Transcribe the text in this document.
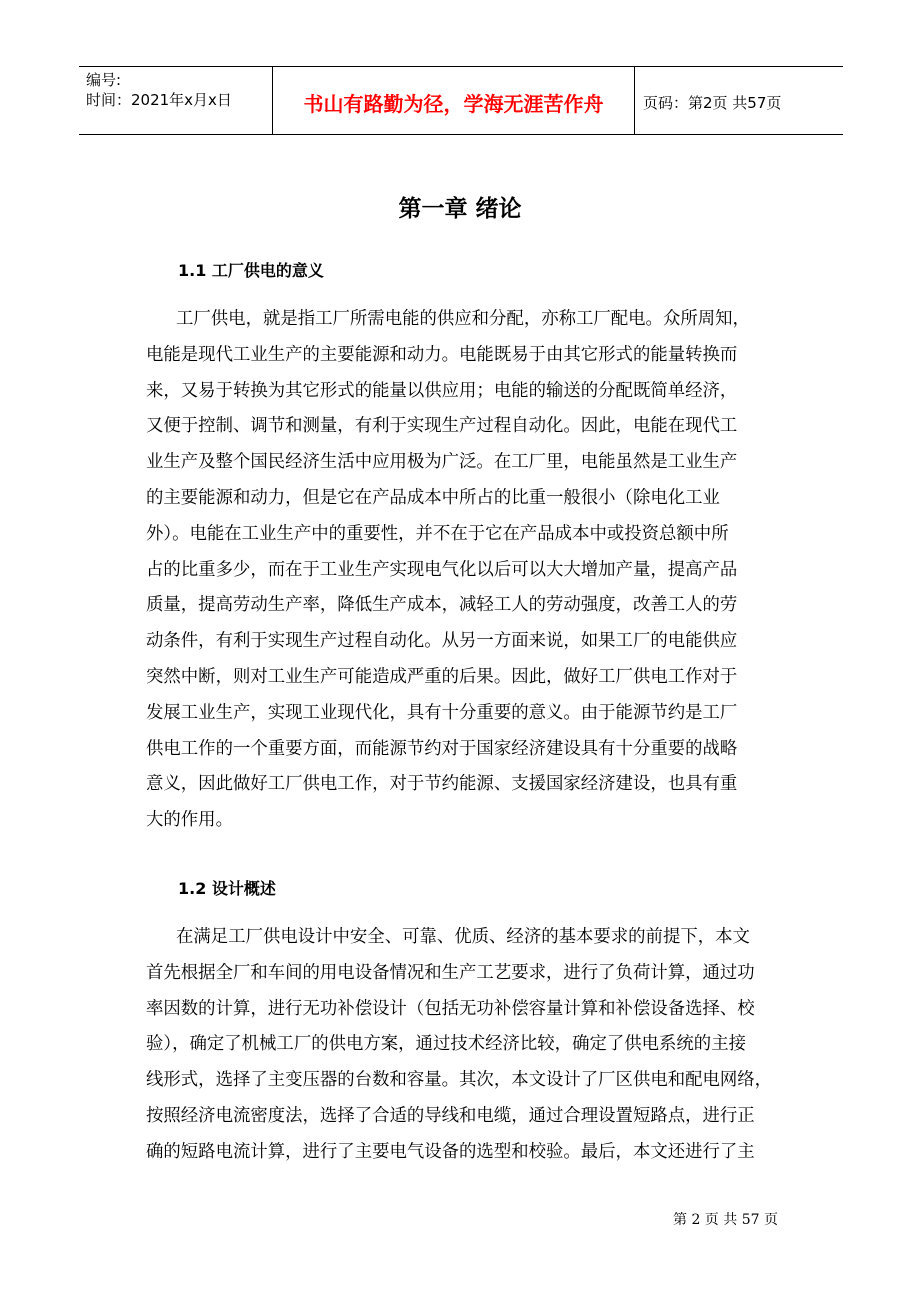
编号:
时间：2021年x月x日	书山有路勤为径，学海无涯苦作舟	页码：第2页 共57页
第一章 绪论
1.1 工厂供电的意义
工厂供电，就是指工厂所需电能的供应和分配，亦称工厂配电。众所周知，
电能是现代工业生产的主要能源和动力。电能既易于由其它形式的能量转换而
来，又易于转换为其它形式的能量以供应用；电能的输送的分配既简单经济，
又便于控制、调节和测量，有利于实现生产过程自动化。因此，电能在现代工
业生产及整个国民经济生活中应用极为广泛。在工厂里，电能虽然是工业生产
的主要能源和动力，但是它在产品成本中所占的比重一般很小（除电化工业
外）。电能在工业生产中的重要性，并不在于它在产品成本中或投资总额中所
占的比重多少，而在于工业生产实现电气化以后可以大大增加产量，提高产品
质量，提高劳动生产率，降低生产成本，减轻工人的劳动强度，改善工人的劳
动条件，有利于实现生产过程自动化。从另一方面来说，如果工厂的电能供应
突然中断，则对工业生产可能造成严重的后果。因此，做好工厂供电工作对于
发展工业生产，实现工业现代化，具有十分重要的意义。由于能源节约是工厂
供电工作的一个重要方面，而能源节约对于国家经济建设具有十分重要的战略
意义，因此做好工厂供电工作，对于节约能源、支援国家经济建设，也具有重
大的作用。
1.2 设计概述
在满足工厂供电设计中安全、可靠、优质、经济的基本要求的前提下，本文
首先根据全厂和车间的用电设备情况和生产工艺要求，进行了负荷计算，通过功
率因数的计算，进行无功补偿设计（包括无功补偿容量计算和补偿设备选择、校
验），确定了机械工厂的供电方案，通过技术经济比较，确定了供电系统的主接
线形式，选择了主变压器的台数和容量。其次，本文设计了厂区供电和配电网络，
按照经济电流密度法，选择了合适的导线和电缆，通过合理设置短路点，进行正
确的短路电流计算，进行了主要电气设备的选型和校验。最后，本文还进行了主
第 2 页 共 57 页
